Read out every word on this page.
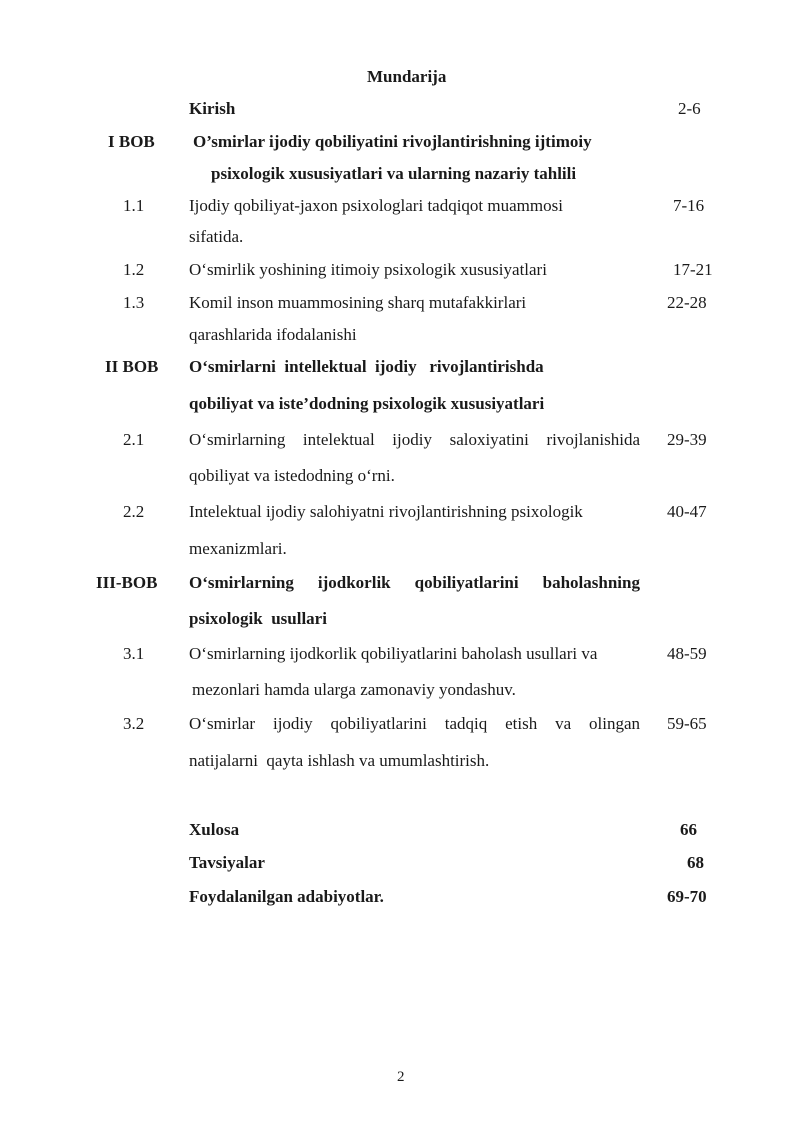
Mundarija
Kirish	2-6
I BOB O’smirlar ijodiy qobiliyatini rivojlantirishning ijtimoiy
psixologik xususiyatlari va ularning nazariy tahlili
1.1	Ijodiy qobiliyat-jaxon psixologlari tadqiqot muammosi	7-16
sifatida.
1.2	O‘smirlik yoshining itimoiy psixologik xususiyatlari	17-21
1.3	Komil inson muammosining sharq mutafakkirlari	22-28
qarashlarida ifodalanishi
II BOB O‘smirlarni  intellektual  ijodiy   rivojlantirishda
qobiliyat va iste’dodning psixologik xususiyatlari
2.1	O‘smirlarning intelektual ijodiy saloxiyatini rivojlanishida 29-39
qobiliyat va istedodning o‘rni.
2.2	Intelektual ijodiy salohiyatni rivojlantirishning psixologik	40-47
mexanizmlari.
III-BOB O‘smirlarning ijodkorlik qobiliyatlarini baholashning
psixologik  usullari
3.1	O‘smirlarning ijodkorlik qobiliyatlarini baholash usullari va	48-59
mezonlari hamda ularga zamonaviy yondashuv.
3.2	O‘smirlar ijodiy qobiliyatlarini tadqiq etish va olingan 59-65
natijalarni  qayta ishlash va umumlashtirish.
Xulosa	66
Tavsiyalar	68
Foydalanilgan adabiyotlar.	69-70
2
